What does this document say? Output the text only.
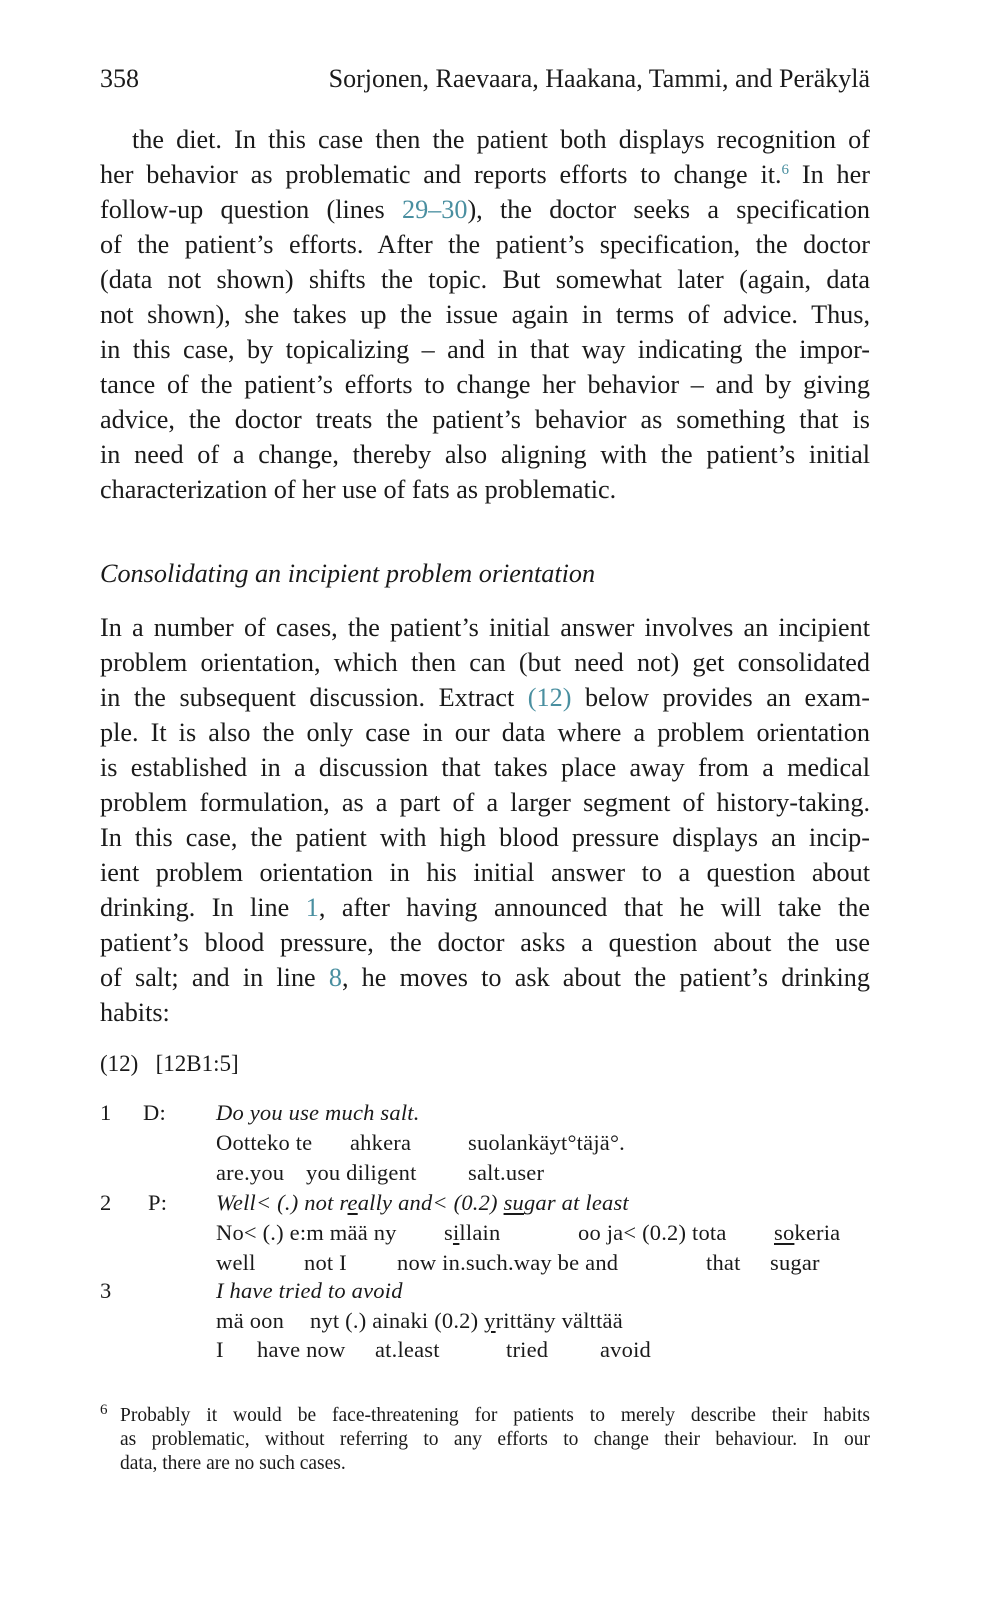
358	Sorjonen, Raevaara, Haakana, Tammi, and Peräkylä
the diet. In this case then the patient both displays recognition of
her behavior as problematic and reports efforts to change it.$^6$ In her
follow-up question (lines 29–30), the doctor seeks a specification
of the patient’s efforts. After the patient’s specification, the doctor
(data not shown) shifts the topic. But somewhat later (again, data
not shown), she takes up the issue again in terms of advice. Thus,
in this case, by topicalizing – and in that way indicating the impor-
tance of the patient’s efforts to change her behavior – and by giving
advice, the doctor treats the patient’s behavior as something that is
in need of a change, thereby also aligning with the patient’s initial
characterization of her use of fats as problematic.
Consolidating an incipient problem orientation
In a number of cases, the patient’s initial answer involves an incipient
problem orientation, which then can (but need not) get consolidated
in the subsequent discussion. Extract (12) below provides an exam-
ple. It is also the only case in our data where a problem orientation
is established in a discussion that takes place away from a medical
problem formulation, as a part of a larger segment of history-taking.
In this case, the patient with high blood pressure displays an incip-
ient problem orientation in his initial answer to a question about
drinking. In line 1, after having announced that he will take the
patient’s blood pressure, the doctor asks a question about the use
of salt; and in line 8, he moves to ask about the patient’s drinking
habits:
(12) [12B1:5]
1 D: Do you use much salt.
Ootteko te ahkera	suolankäyt°täjä°.
are.you you diligent salt.user
2 P: Well< (.) not really and< (0.2) sugar at least
No< (.) e:m mää ny sillain	oo ja< (0.2) tota sokeria
well not I now in.such.way be and	that sugar
3	I have tried to avoid
mä oon nyt (.) ainaki (0.2) yrittäny välttää
I have now at.least	tried avoid
6 Probably it would be face-threatening for patients to merely describe their habits
as problematic, without referring to any efforts to change their behaviour. In our
data, there are no such cases.
